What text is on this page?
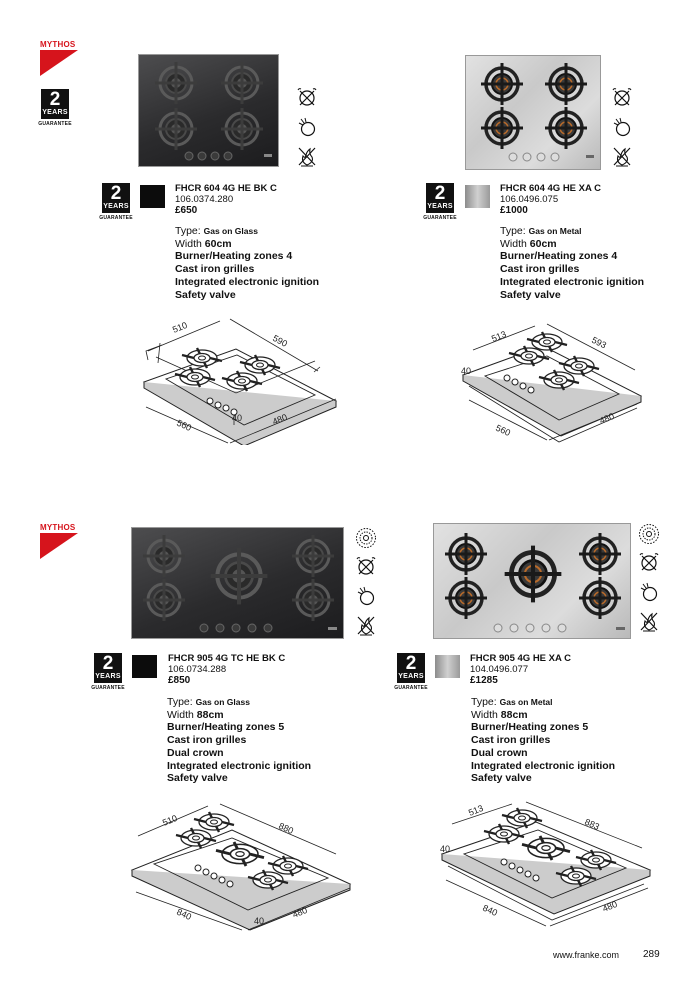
MYTHOS
2
YEARS
GUARANTEE
2
YEARS
GUARANTEE
FHCR 604 4G HE BK C
106.0374.280
£650
Type: Gas on Glass
Width 60cm
Burner/Heating zones 4
Cast iron grilles
Integrated electronic ignition
Safety valve
510
590
560	480
40
2
YEARS
GUARANTEE
FHCR 604 4G HE XA C
106.0496.075
£1000
Type: Gas on Metal
Width 60cm
Burner/Heating zones 4
Cast iron grilles
Integrated electronic ignition
Safety valve
513	593
40
560
480
MYTHOS
2
YEARS
GUARANTEE
FHCR 905 4G TC HE BK C
106.0734.288
£850
Type: Gas on Glass
Width 88cm
Burner/Heating zones 5
Cast iron grilles
Dual crown
Integrated electronic ignition
Safety valve
510
880
840	480
40
2
YEARS
GUARANTEE
FHCR 905 4G HE XA C
104.0496.077
£1285
Type: Gas on Metal
Width 88cm
Burner/Heating zones 5
Cast iron grilles
Dual crown
Integrated electronic ignition
Safety valve
513
883
40
840	480
www.franke.com 289
